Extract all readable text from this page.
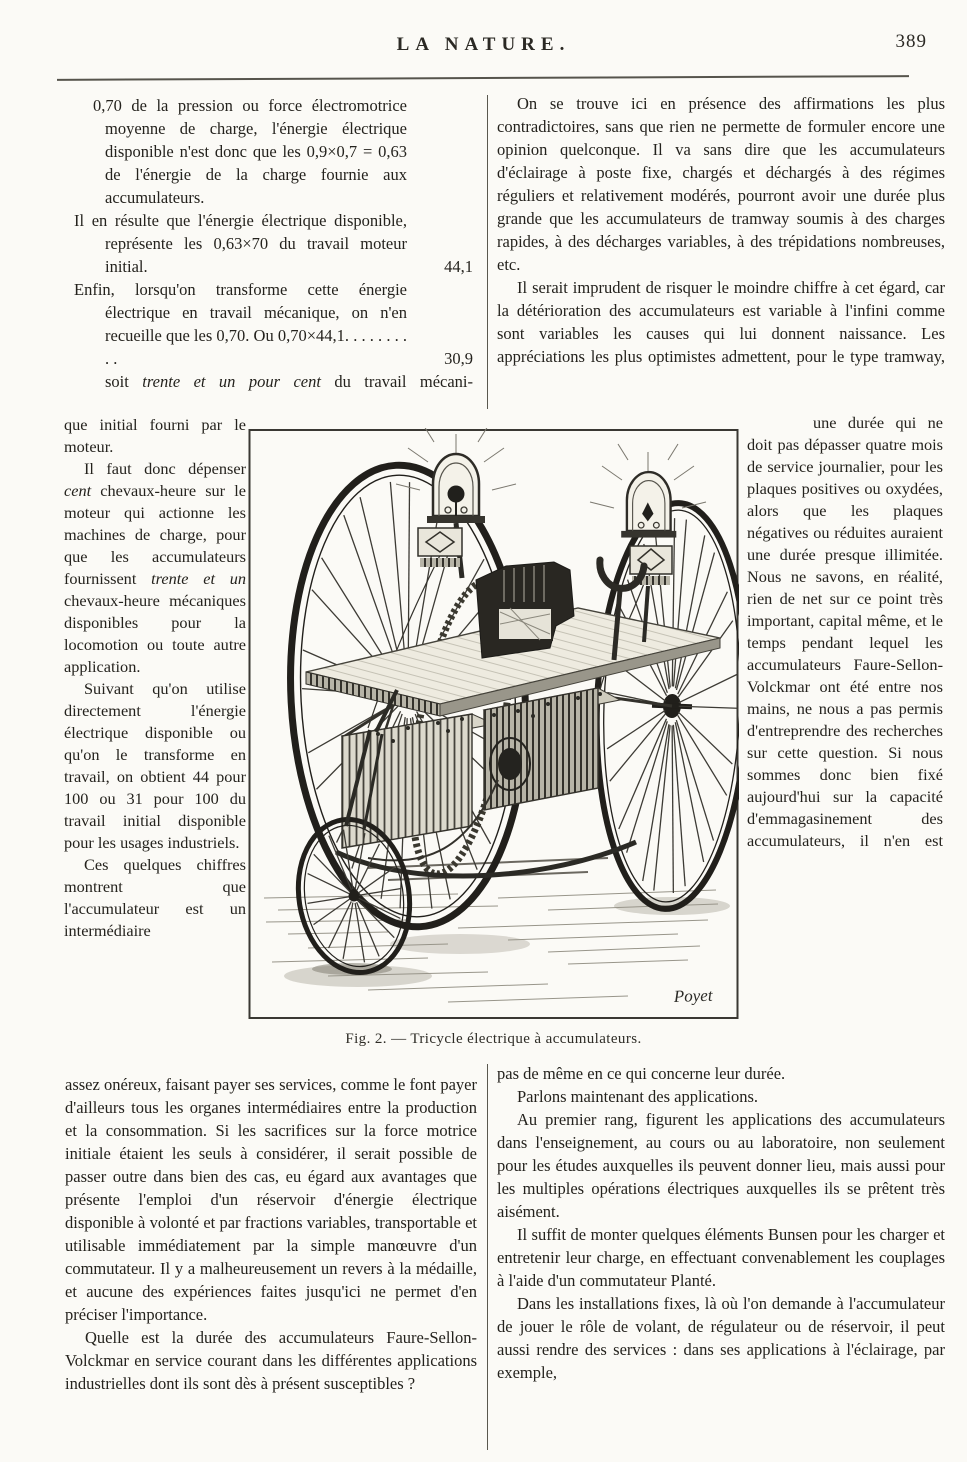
LA NATURE.	389
0,70 de la pression ou force électromotrice moyenne de charge, l'énergie électrique disponible n'est donc que les 0,9×0,7 = 0,63 de l'énergie de la charge fournie aux accumulateurs.
Il en résulte que l'énergie électrique disponible, représente les 0,63×70 du travail moteur initial.	44,1
Enfin, lorsqu'on transforme cette énergie électrique en travail mécanique, on n'en recueille que les 0,70. Ou 0,70×44,1. . . . . . . . . .	30,9
soit trente et un pour cent du travail mécani-
On se trouve ici en présence des affirmations les plus contradictoires, sans que rien ne permette de formuler encore une opinion quelconque. Il va sans dire que les accumulateurs d'éclairage à poste fixe, chargés et déchargés à des régimes réguliers et relativement modérés, pourront avoir une durée plus grande que les accumulateurs de tramway soumis à des charges rapides, à des décharges variables, à des trépidations nombreuses, etc.
Il serait imprudent de risquer le moindre chiffre à cet égard, car la détérioration des accumulateurs est variable à l'infini comme sont variables les causes qui lui donnent naissance. Les appréciations les plus optimistes admettent, pour le type tramway,
que initial fourni par le moteur.
Il faut donc dépenser cent chevaux-heure sur le moteur qui actionne les machines de charge, pour que les accumulateurs fournissent trente et un chevaux-heure mécaniques disponibles pour la locomotion ou toute autre application.
Suivant qu'on utilise directement l'énergie électrique disponible ou qu'on le transforme en travail, on obtient 44 pour 100 ou 31 pour 100 du travail initial disponible pour les usages industriels.
Ces quelques chiffres montrent que l'accumulateur est un intermédiaire
une durée qui ne doit pas dépasser quatre mois de service journalier, pour les plaques positives ou oxydées, alors que les plaques négatives ou réduites auraient une durée presque illimitée. Nous ne savons, en réalité, rien de net sur ce point très important, capital même, et le temps pendant lequel les accumulateurs Faure-Sellon-Volckmar ont été entre nos mains, ne nous a pas permis d'entreprendre des recherches sur cette question. Si nous sommes donc bien fixé aujourd'hui sur la capacité d'emmagasinement des accumulateurs, il n'en est
assez onéreux, faisant payer ses services, comme le font payer d'ailleurs tous les organes intermédiaires entre la production et la consommation. Si les sacrifices sur la force motrice initiale étaient les seuls à considérer, il serait possible de passer outre dans bien des cas, eu égard aux avantages que présente l'emploi d'un réservoir d'énergie électrique disponible à volonté et par fractions variables, transportable et utilisable immédiatement par la simple manœuvre d'un commutateur. Il y a malheureusement un revers à la médaille, et aucune des expériences faites jusqu'ici ne permet d'en préciser l'importance.
Quelle est la durée des accumulateurs Faure-Sellon-Volckmar en service courant dans les différentes applications industrielles dont ils sont dès à présent susceptibles ?
pas de même en ce qui concerne leur durée.
Parlons maintenant des applications.
Au premier rang, figurent les applications des accumulateurs dans l'enseignement, au cours ou au laboratoire, non seulement pour les études auxquelles ils peuvent donner lieu, mais aussi pour les multiples opérations électriques auxquelles ils se prêtent très aisément.
Il suffit de monter quelques éléments Bunsen pour les charger et entretenir leur charge, en effectuant convenablement les couplages à l'aide d'un commutateur Planté.
Dans les installations fixes, là où l'on demande à l'accumulateur de jouer le rôle de volant, de régulateur ou de réservoir, il peut aussi rendre des services : dans ses applications à l'éclairage, par exemple,
Poyet
Fig. 2. — Tricycle électrique à accumulateurs.
